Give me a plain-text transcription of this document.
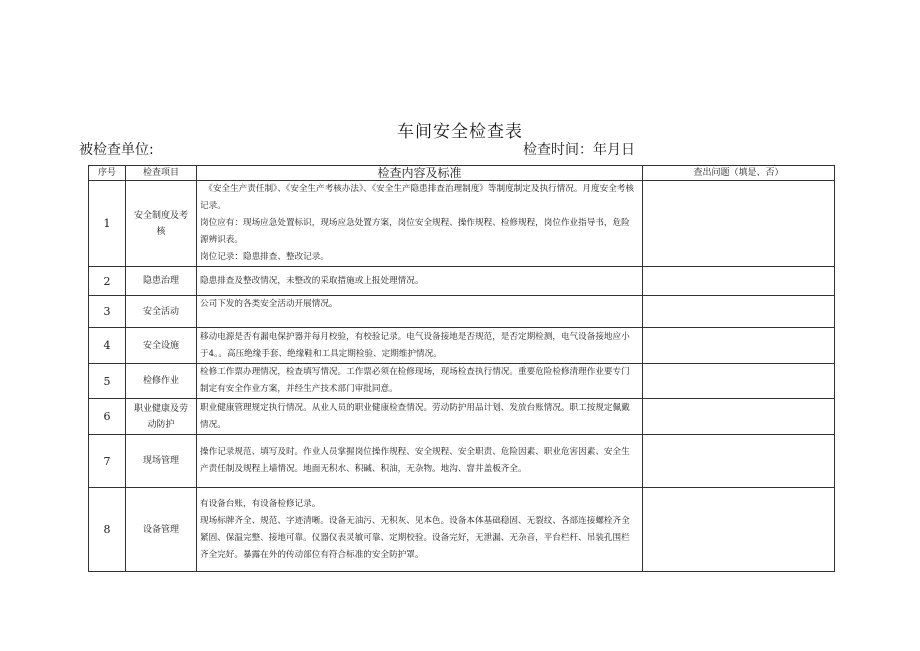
车间安全检查表
被检查单位:	检查时间：年月日
序号	检查项目	检查内容及标准	查出问题（填是、否）
1	安全制度及考核	　《安全生产责任制》、《安全生产考核办法》、《安全生产隐患排查治理制度》等制度制定及执行情况。月度安全考核记录。
岗位应有：现场应急处置标识，现场应急处置方案，岗位安全规程、操作规程、检修规程，岗位作业指导书，危险源辨识表。
岗位记录：隐患排查、整改记录。	

2	隐患治理	隐患排查及整改情况，未整改的采取措施或上报处理情况。	

3	安全活动	公司下发的各类安全活动开展情况。	

4	安全设施	移动电源是否有漏电保护器并每月校验，有校验记录。电气设备接地是否规范，是否定期检测，电气设备接地应小于4。。高压绝缘手套、绝缘鞋和工具定期检验、定期维护情况。	

5	检修作业	检修工作票办理情况，检查填写情况。工作票必须在检修现场，现场检查执行情况。重要危险检修清理作业要专门制定有安全作业方案，并经生产技术部门审批同意。	

6	职业健康及劳动防护	职业健康管理规定执行情况。从业人员的职业健康检查情况。劳动防护用品计划、发放台账情况。职工按规定佩戴情况。	

7	现场管理	操作记录规范、填写及时。作业人员掌握岗位操作规程、安全规程、安全职责、危险因素、职业危害因素、安全生产责任制及规程上墙情况。地面无积水、积碱、积油，无杂物。地沟、窨井盖板齐全。	

8	设备管理	有设备台账，有设备检修记录。
现场标牌齐全、规范、字迹清晰。设备无油污、无积灰、见本色。设备本体基础稳固、无裂纹、各部连接螺栓齐全紧固、保温完整、接地可靠。仪器仪表灵敏可靠、定期校验。设备完好，无泄漏、无杂音，平台栏杆、吊装孔围栏齐全完好。暴露在外的传动部位有符合标准的安全防护罩。	
